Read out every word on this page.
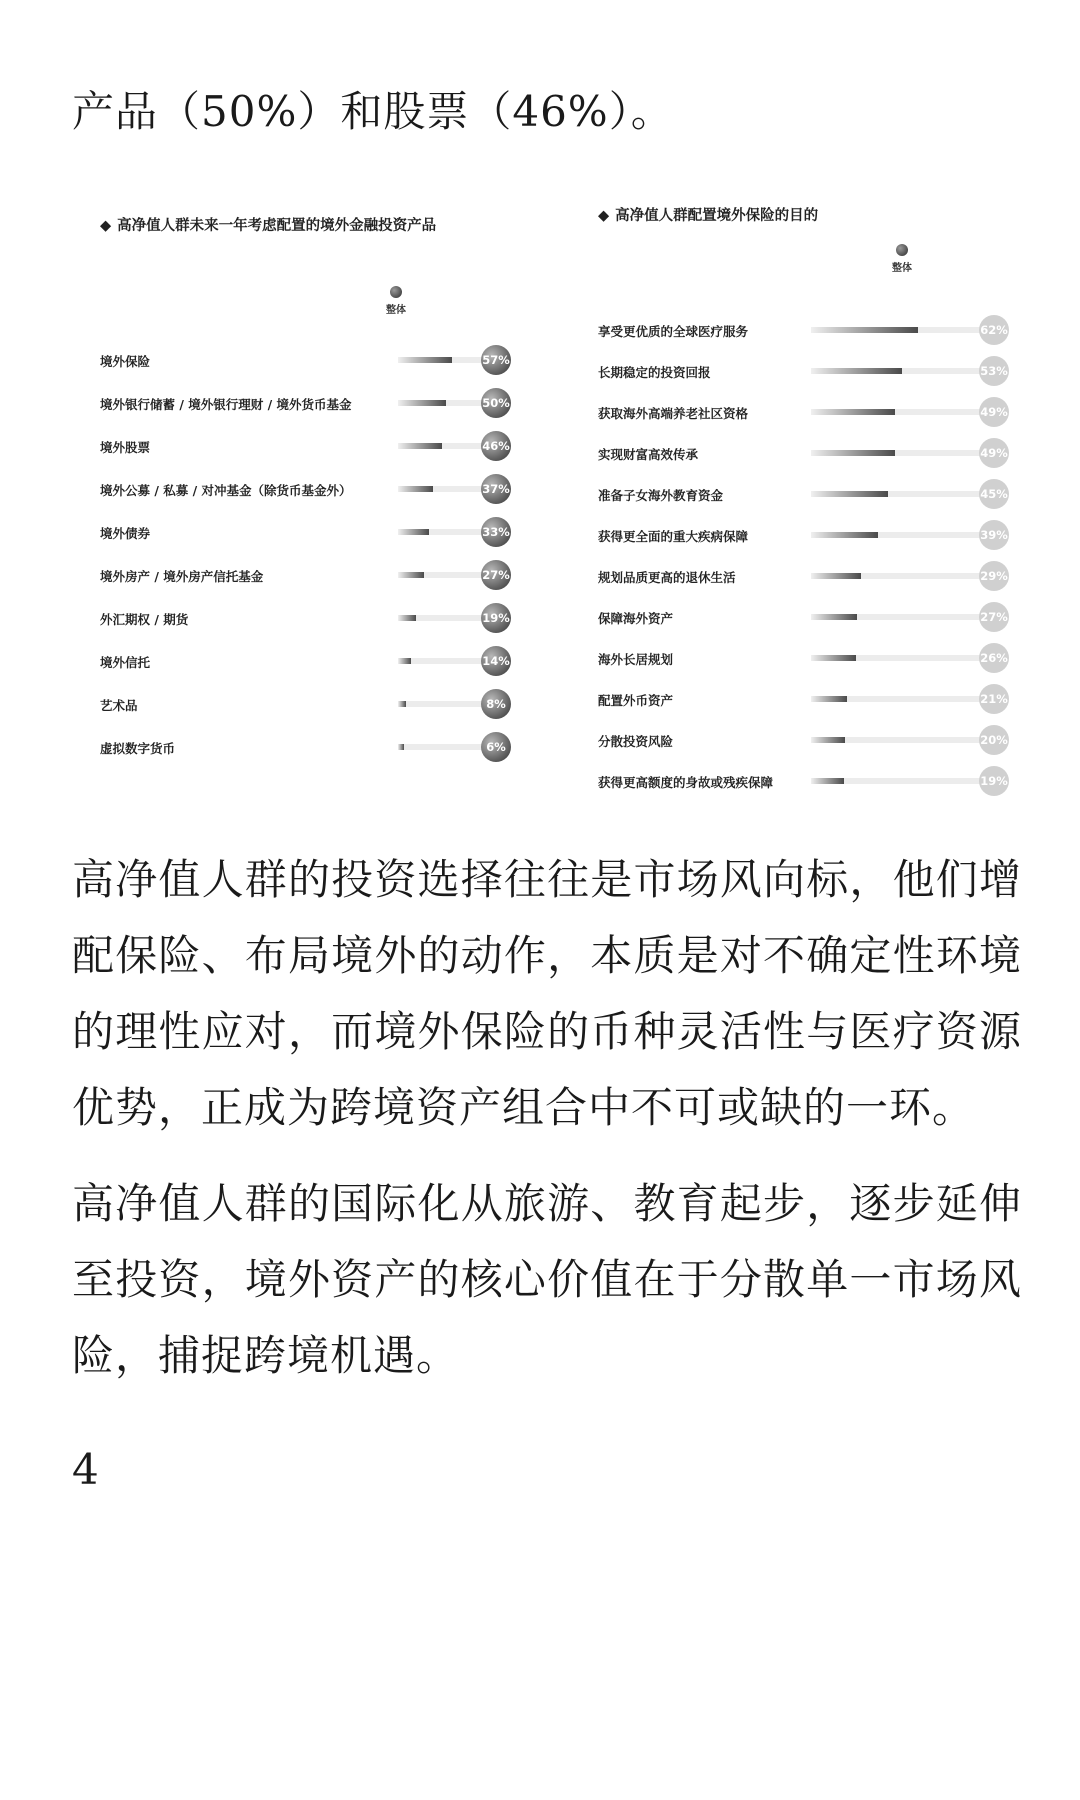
产品（50%）和股票（46%）。

◆ 高净值人群未来一年考虑配置的境外金融投资产品
整体
境外保险	57%
境外银行储蓄 / 境外银行理财 / 境外货币基金	50%
境外股票	46%
境外公募 / 私募 / 对冲基金（除货币基金外）	37%
境外债券	33%
境外房产 / 境外房产信托基金	27%
外汇期权 / 期货	19%
境外信托	14%
艺术品	8%
虚拟数字货币	6%
◆ 高净值人群配置境外保险的目的
整体
享受更优质的全球医疗服务	62%
长期稳定的投资回报	53%
获取海外高端养老社区资格	49%
实现财富高效传承	49%
准备子女海外教育资金	45%
获得更全面的重大疾病保障	39%
规划品质更高的退休生活	29%
保障海外资产	27%
海外长居规划	26%
配置外币资产	21%
分散投资风险	20%
获得更高额度的身故或残疾保障	19%

高净值人群的投资选择往往是市场风向标，他们增配保险、布局境外的动作，本质是对不确定性环境的理性应对，而境外保险的币种灵活性与医疗资源优势，正成为跨境资产组合中不可或缺的一环。

高净值人群的国际化从旅游、教育起步，逐步延伸至投资，境外资产的核心价值在于分散单一市场风险，捕捉跨境机遇。

4
